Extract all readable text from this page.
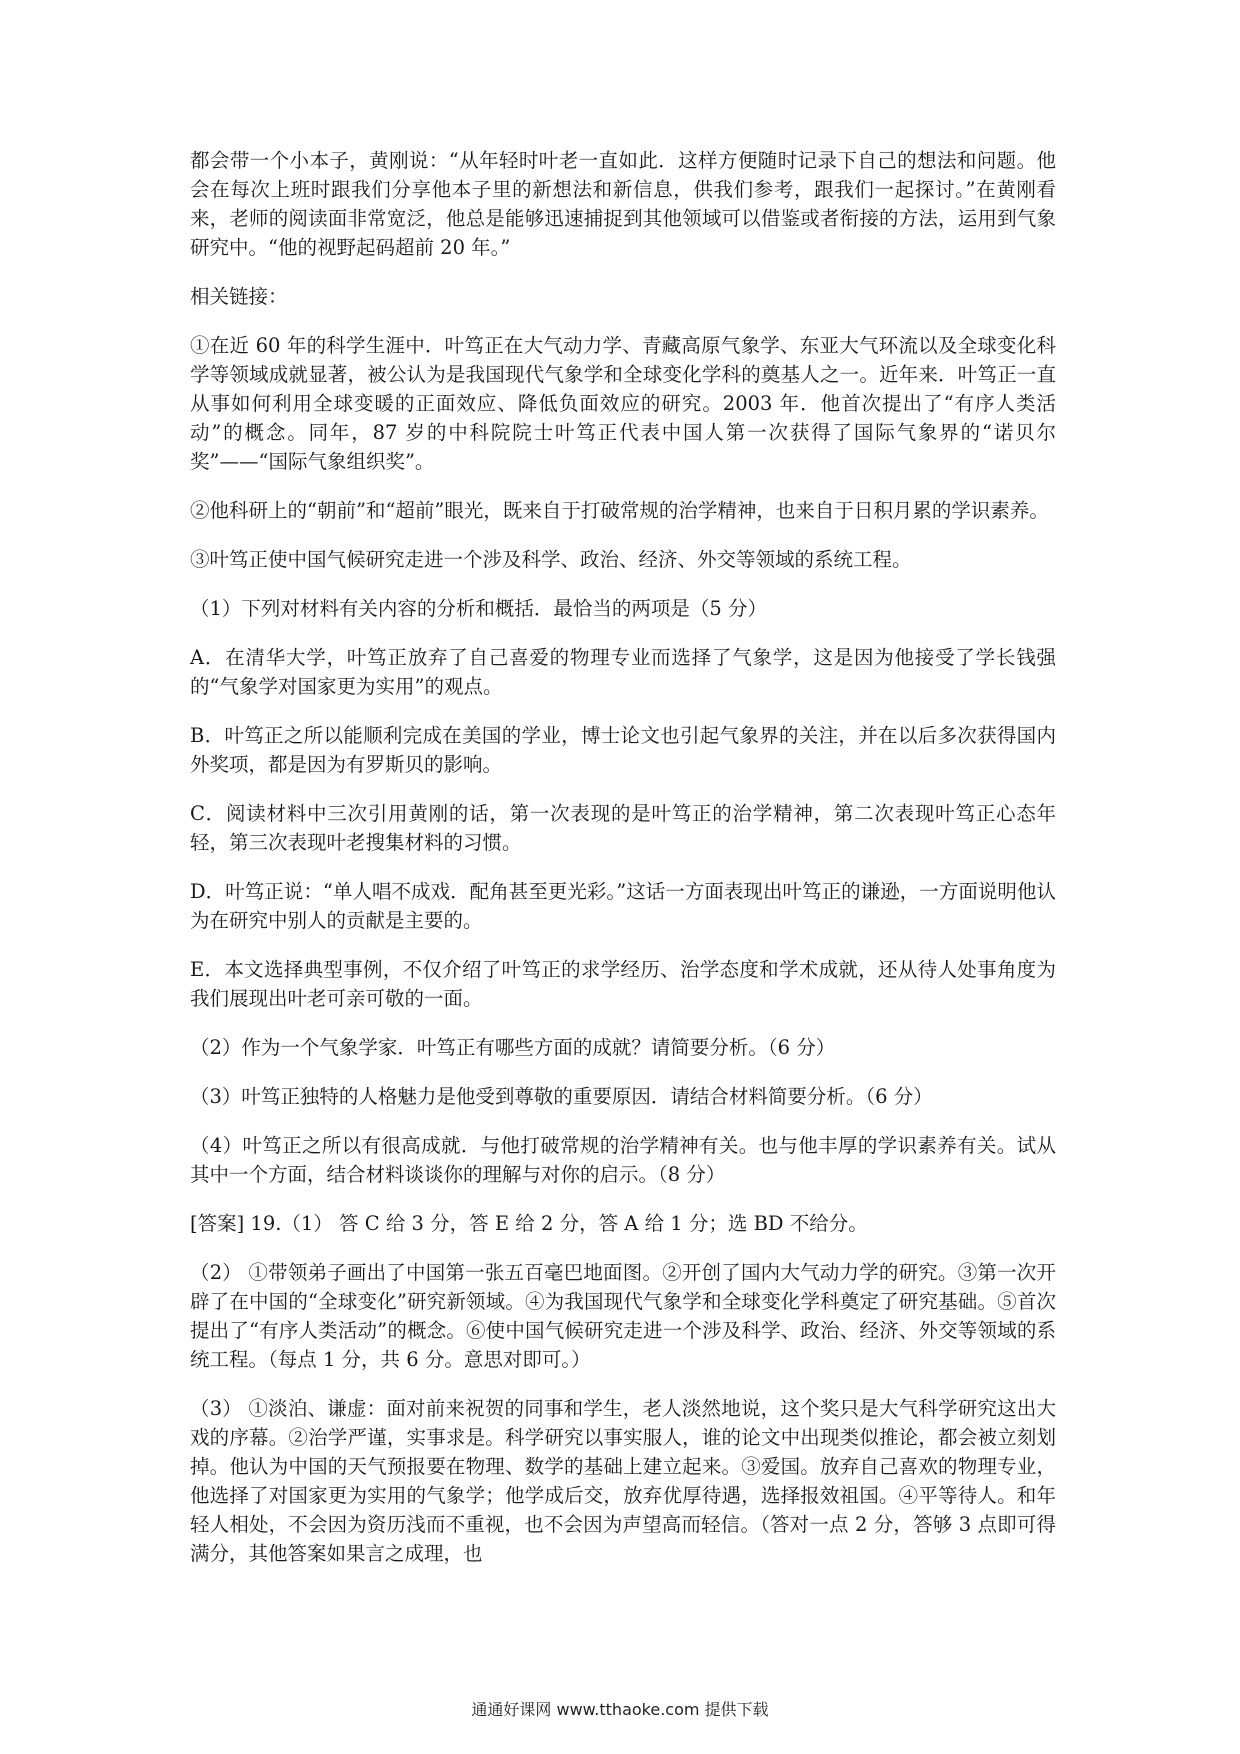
都会带一个小本子，黄刚说：“从年轻时叶老一直如此．这样方便随时记录下自己的想法和问题。他会在每次上班时跟我们分享他本子里的新想法和新信息，供我们参考，跟我们一起探讨。”在黄刚看来，老师的阅读面非常宽泛，他总是能够迅速捕捉到其他领域可以借鉴或者衔接的方法，运用到气象研究中。“他的视野起码超前 20 年。”

相关链接：

①在近 60 年的科学生涯中．叶笃正在大气动力学、青藏高原气象学、东亚大气环流以及全球变化科学等领域成就显著，被公认为是我国现代气象学和全球变化学科的奠基人之一。近年来．叶笃正一直从事如何利用全球变暖的正面效应、降低负面效应的研究。2003 年．他首次提出了“有序人类活动”的概念。同年，87 岁的中科院院士叶笃正代表中国人第一次获得了国际气象界的“诺贝尔奖”——“国际气象组织奖”。

②他科研上的“朝前”和“超前”眼光，既来自于打破常规的治学精神，也来自于日积月累的学识素养。

③叶笃正使中国气候研究走进一个涉及科学、政治、经济、外交等领域的系统工程。

（1）下列对材料有关内容的分析和概括．最恰当的两项是（5 分）

A．在清华大学，叶笃正放弃了自己喜爱的物理专业而选择了气象学，这是因为他接受了学长钱强的“气象学对国家更为实用”的观点。

B．叶笃正之所以能顺利完成在美国的学业，博士论文也引起气象界的关注，并在以后多次获得国内外奖项，都是因为有罗斯贝的影响。

C．阅读材料中三次引用黄刚的话，第一次表现的是叶笃正的治学精神，第二次表现叶笃正心态年轻，第三次表现叶老搜集材料的习惯。

D．叶笃正说：“单人唱不成戏．配角甚至更光彩。”这话一方面表现出叶笃正的谦逊，一方面说明他认为在研究中别人的贡献是主要的。

E．本文选择典型事例，不仅介绍了叶笃正的求学经历、治学态度和学术成就，还从待人处事角度为我们展现出叶老可亲可敬的一面。

（2）作为一个气象学家．叶笃正有哪些方面的成就？请简要分析。（6 分）

（3）叶笃正独特的人格魅力是他受到尊敬的重要原因．请结合材料简要分析。（6 分）

（4）叶笃正之所以有很高成就．与他打破常规的治学精神有关。也与他丰厚的学识素养有关。试从其中一个方面，结合材料谈谈你的理解与对你的启示。（8 分）

[答案] 19.（1） 答 C 给 3 分，答 E 给 2 分，答 A 给 1 分；选 BD 不给分。

（2） ①带领弟子画出了中国第一张五百毫巴地面图。②开创了国内大气动力学的研究。③第一次开辟了在中国的“全球变化”研究新领域。④为我国现代气象学和全球变化学科奠定了研究基础。⑤首次提出了“有序人类活动”的概念。⑥使中国气候研究走进一个涉及科学、政治、经济、外交等领域的系统工程。（每点 1 分，共 6 分。意思对即可。）

（3） ①淡泊、谦虚：面对前来祝贺的同事和学生，老人淡然地说，这个奖只是大气科学研究这出大戏的序幕。②治学严谨，实事求是。科学研究以事实服人，谁的论文中出现类似推论，都会被立刻划掉。他认为中国的天气预报要在物理、数学的基础上建立起来。③爱国。放弃自己喜欢的物理专业，他选择了对国家更为实用的气象学；他学成后交，放弃优厚待遇，选择报效祖国。④平等待人。和年轻人相处，不会因为资历浅而不重视，也不会因为声望高而轻信。（答对一点 2 分，答够 3 点即可得满分，其他答案如果言之成理，也

通通好课网 www.tthaoke.com 提供下载
